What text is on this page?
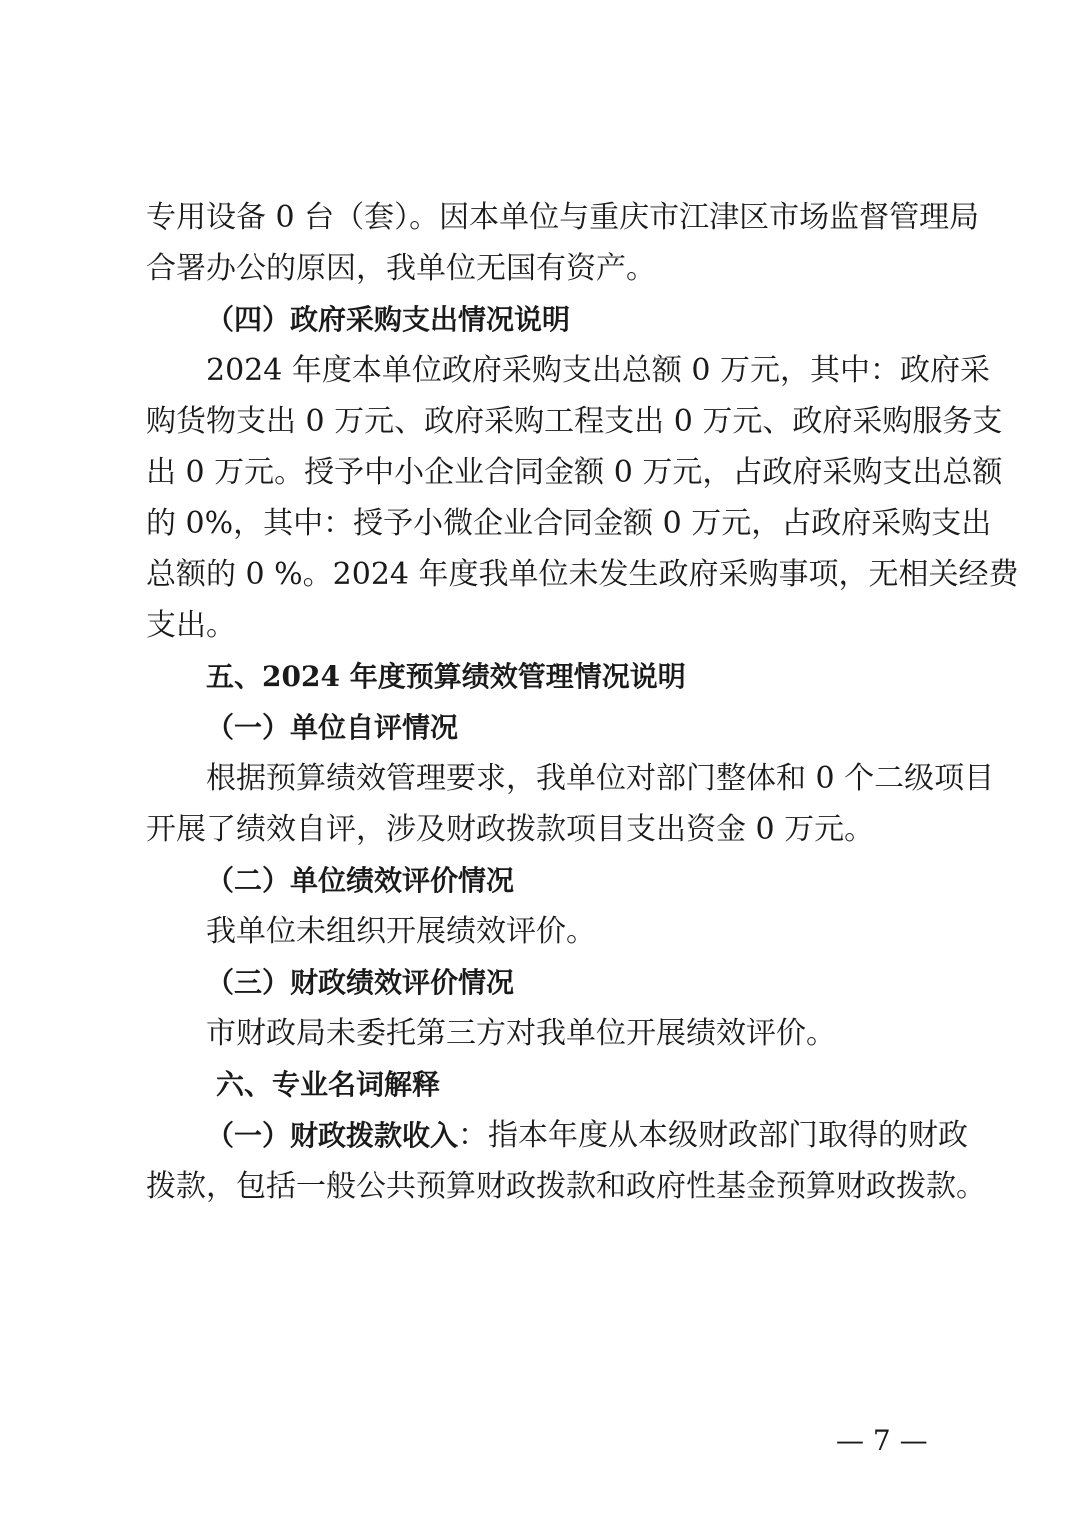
专用设备 0 台（套）。因本单位与重庆市江津区市场监督管理局

合署办公的原因，我单位无国有资产。

（四）政府采购支出情况说明

2024 年度本单位政府采购支出总额 0 万元，其中：政府采

购货物支出 0 万元、政府采购工程支出 0 万元、政府采购服务支

出 0 万元。授予中小企业合同金额 0 万元，占政府采购支出总额

的 0%，其中：授予小微企业合同金额 0 万元，占政府采购支出

总额的 0 %。2024 年度我单位未发生政府采购事项，无相关经费

支出。

五、2024 年度预算绩效管理情况说明

（一）单位自评情况

根据预算绩效管理要求，我单位对部门整体和 0 个二级项目

开展了绩效自评，涉及财政拨款项目支出资金 0 万元。

（二）单位绩效评价情况

我单位未组织开展绩效评价。

（三）财政绩效评价情况

市财政局未委托第三方对我单位开展绩效评价。

六、专业名词解释

（一）财政拨款收入：指本年度从本级财政部门取得的财政

拨款，包括一般公共预算财政拨款和政府性基金预算财政拨款。

— 7 —
